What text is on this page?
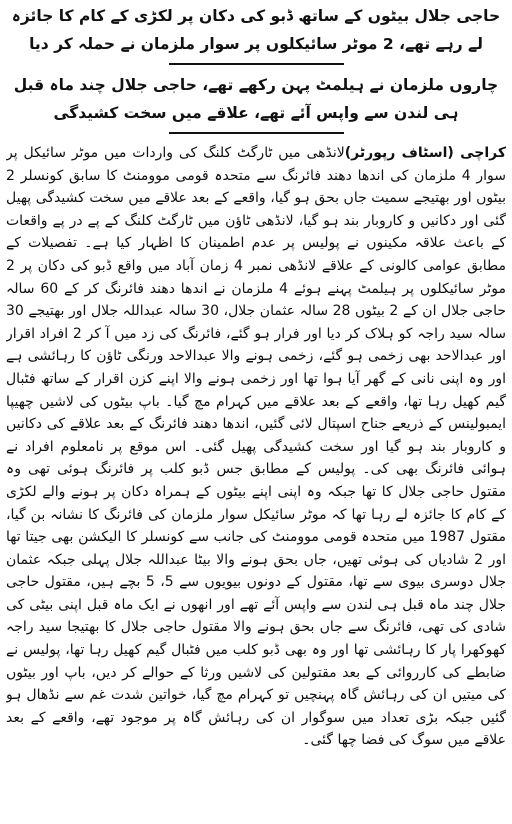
حاجی جلال بیٹوں کے ساتھ ڈبو کی دکان پر لکڑی کے کام کا جائزہ لے رہے تھے، 2 موٹر سائیکلوں پر سوار ملزمان نے حملہ کر دیا
چاروں ملزمان نے ہیلمٹ پہن رکھے تھے، حاجی جلال چند ماہ قبل ہی لندن سے واپس آئے تھے، علاقے میں سخت کشیدگی

کراچی (اسٹاف رپورٹر)لانڈھی میں ٹارگٹ کلنگ کی واردات میں موٹر سائیکل پر سوار 4 ملزمان کی اندھا دھند فائرنگ سے متحدہ قومی موومنٹ کا سابق کونسلر 2 بیٹوں اور بھتیجے سمیت جاں بحق ہو گیا، واقعے کے بعد علاقے میں سخت کشیدگی پھیل گئی اور دکانیں و کاروبار بند ہو گیا، لانڈھی ٹاؤن میں ٹارگٹ کلنگ کے پے در پے واقعات کے باعث علاقہ مکینوں نے پولیس پر عدم اطمینان کا اظہار کیا ہے۔ تفصیلات کے مطابق عوامی کالونی کے علاقے لانڈھی نمبر 4 زمان آباد میں واقع ڈبو کی دکان پر 2 موٹر سائیکلوں پر ہیلمٹ پہنے ہوئے 4 ملزمان نے اندھا دھند فائرنگ کر کے 60 سالہ حاجی جلال ان کے 2 بیٹوں 28 سالہ عثمان جلال، 30 سالہ عبداللہ جلال اور بھتیجے 30 سالہ سید راجہ کو ہلاک کر دیا اور فرار ہو گئے، فائرنگ کی زد میں آ کر 2 افراد اقرار اور عبدالاحد بھی زخمی ہو گئے، زخمی ہونے والا عبدالاحد ورنگی ٹاؤن کا رہائشی ہے اور وہ اپنی نانی کے گھر آیا ہوا تھا اور زخمی ہونے والا اپنے کزن اقرار کے ساتھ فٹبال گیم کھیل رہا تھا، واقعے کے بعد علاقے میں کہرام مچ گیا۔ باپ بیٹوں کی لاشیں چھیپا ایمبولینس کے ذریعے جناح اسپتال لائی گئیں، اندھا دھند فائرنگ کے بعد علاقے کی دکانیں و کاروبار بند ہو گیا اور سخت کشیدگی پھیل گئی۔ اس موقع پر نامعلوم افراد نے ہوائی فائرنگ بھی کی۔ پولیس کے مطابق جس ڈبو کلب پر فائرنگ ہوئی تھی وہ مقتول حاجی جلال کا تھا جبکہ وہ اپنی اپنے بیٹوں کے ہمراہ دکان پر ہونے والے لکڑی کے کام کا جائزہ لے رہا تھا کہ موٹر سائیکل سوار ملزمان کی فائرنگ کا نشانہ بن گیا، مقتول 1987 میں متحدہ قومی موومنٹ کی جانب سے کونسلر کا الیکشن بھی جیتا تھا اور 2 شادیاں کی ہوئی تھیں، جاں بحق ہونے والا بیٹا عبداللہ جلال پہلی جبکہ عثمان جلال دوسری بیوی سے تھا، مقتول کے دونوں بیویوں سے 5، 5 بچے ہیں، مقتول حاجی جلال چند ماہ قبل ہی لندن سے واپس آئے تھے اور انھوں نے ایک ماہ قبل اپنی بیٹی کی شادی کی تھی، فائرنگ سے جاں بحق ہونے والا مقتول حاجی جلال کا بھتیجا سید راجہ کھوکھرا پار کا رہائشی تھا اور وہ بھی ڈبو کلب میں فٹبال گیم کھیل رہا تھا، پولیس نے ضابطے کی کارروائی کے بعد مقتولین کی لاشیں ورثا کے حوالے کر دیں، باپ اور بیٹوں کی میتیں ان کی رہائش گاہ پہنچیں تو کہرام مچ گیا، خواتین شدت غم سے نڈھال ہو گئیں جبکہ بڑی تعداد میں سوگوار ان کی رہائش گاہ پر موجود تھے، واقعے کے بعد علاقے میں سوگ کی فضا چھا گئی۔
